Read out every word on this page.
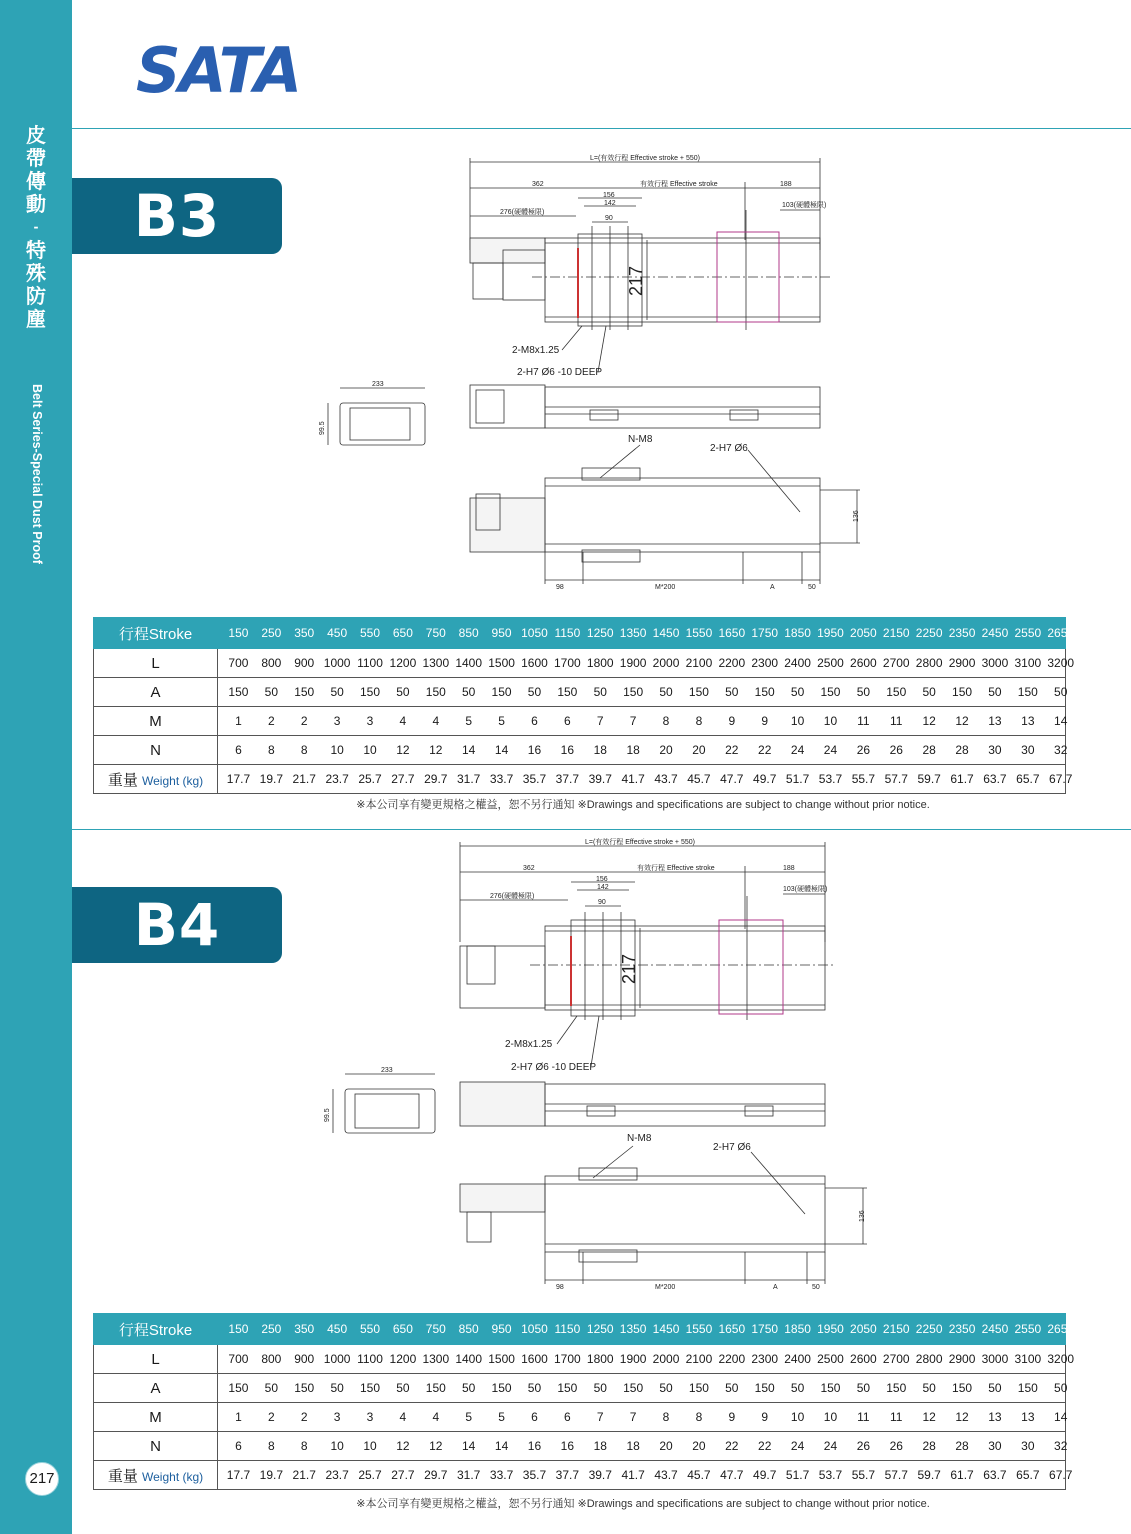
皮
帶
傳
動
-
特
殊
防
塵
Belt Series-Special Dust Proof
217
SATA
B3
B4
L=(有效行程 Effective stroke + 550)
362	有效行程 Effective stroke	188
156
142
90
276(硬體極限)
103(硬體極限)
233
98	M*200	A	50
99.5
136
217
2-M8x1.25
2-H7 Ø6 -10 DEEP
N-M8
2-H7 Ø6
L=(有效行程 Effective stroke + 550)
362	有效行程 Effective stroke	188
156
142
90
276(硬體極限)
103(硬體極限)
233
98	M*200	A	50
99.5
136
217
2-M8x1.25
2-H7 Ø6 -10 DEEP
N-M8
2-H7 Ø6
行程Stroke	150 250 350 450 550 650 750 850 950 1050 1150 1250 1350 1450 1550 1650 1750 1850 1950 2050 2150 2250 2350 2450 2550 2650
L	700 800 900 1000 1100 1200 1300 1400 1500 1600 1700 1800 1900 2000 2100 2200 2300 2400 2500 2600 2700 2800 2900 3000 3100 3200
A	150 50 150 50 150 50 150 50 150 50 150 50 150 50 150 50 150 50 150 50 150 50 150 50 150 50
M	1 2 2 3 3 4 4 5 5 6 6 7 7 8 8 9 9 10 10 11 11 12 12 13 13 14
N	6 8 8 10 10 12 12 14 14 16 16 18 18 20 20 22 22 24 24 26 26 28 28 30 30 32
重量 Weight (kg)	17.7 19.7 21.7 23.7 25.7 27.7 29.7 31.7 33.7 35.7 37.7 39.7 41.7 43.7 45.7 47.7 49.7 51.7 53.7 55.7 57.7 59.7 61.7 63.7 65.7 67.7
※本公司享有變更規格之權益，恕不另行通知 ※Drawings and specifications are subject to change without prior notice.
行程Stroke	150 250 350 450 550 650 750 850 950 1050 1150 1250 1350 1450 1550 1650 1750 1850 1950 2050 2150 2250 2350 2450 2550 2650
L	700 800 900 1000 1100 1200 1300 1400 1500 1600 1700 1800 1900 2000 2100 2200 2300 2400 2500 2600 2700 2800 2900 3000 3100 3200
A	150 50 150 50 150 50 150 50 150 50 150 50 150 50 150 50 150 50 150 50 150 50 150 50 150 50
M	1 2 2 3 3 4 4 5 5 6 6 7 7 8 8 9 9 10 10 11 11 12 12 13 13 14
N	6 8 8 10 10 12 12 14 14 16 16 18 18 20 20 22 22 24 24 26 26 28 28 30 30 32
重量 Weight (kg)	17.7 19.7 21.7 23.7 25.7 27.7 29.7 31.7 33.7 35.7 37.7 39.7 41.7 43.7 45.7 47.7 49.7 51.7 53.7 55.7 57.7 59.7 61.7 63.7 65.7 67.7
※本公司享有變更規格之權益，恕不另行通知 ※Drawings and specifications are subject to change without prior notice.
